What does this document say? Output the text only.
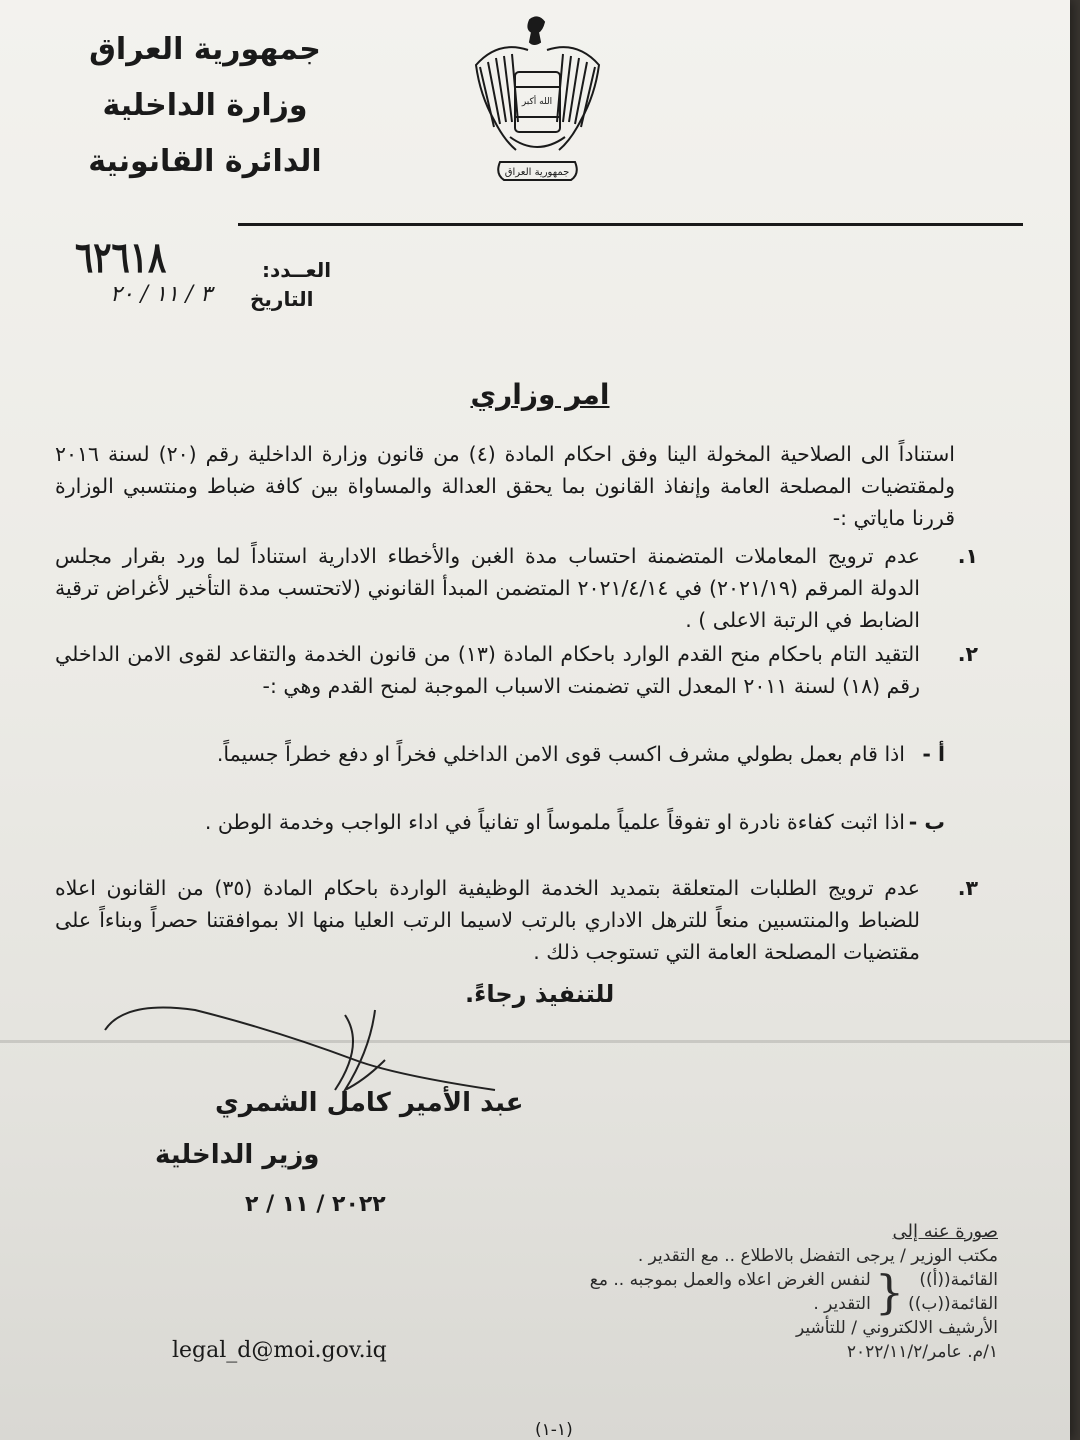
جمهورية العراق
وزارة الداخلية
الدائرة القانونية
الله أكبر
جمهورية العراق
العــدد:
٦٢٦١٨
التاريخ
٣ / ١١ / ٢٠
امر وزاري
استناداً الى الصلاحية المخولة الينا وفق احكام المادة (٤) من قانون وزارة الداخلية رقم (٢٠) لسنة ٢٠١٦ ولمقتضيات المصلحة العامة وإنفاذ القانون بما يحقق العدالة والمساواة بين كافة ضباط ومنتسبي الوزارة قررنا ماياتي :-
١.
عدم ترويج المعاملات المتضمنة احتساب مدة الغبن والأخطاء الادارية استناداً لما ورد بقرار مجلس الدولة المرقم (٢٠٢١/١٩) في ٢٠٢١/٤/١٤ المتضمن المبدأ القانوني (لاتحتسب مدة التأخير لأغراض ترقية الضابط في الرتبة الاعلى ) .
٢.
التقيد التام باحكام منح القدم الوارد باحكام المادة (١٣) من قانون الخدمة والتقاعد لقوى الامن الداخلي رقم (١٨) لسنة ٢٠١١ المعدل التي تضمنت الاسباب الموجبة لمنح القدم وهي :-
أ -
اذا قام بعمل بطولي مشرف اكسب قوى الامن الداخلي فخراً او دفع خطراً جسيماً.
ب -
اذا اثبت كفاءة نادرة او تفوقاً علمياً ملموساً او تفانياً في اداء الواجب وخدمة الوطن .
٣.
عدم ترويج الطلبات المتعلقة بتمديد الخدمة الوظيفية الواردة باحكام المادة (٣٥) من القانون اعلاه للضباط والمنتسبين منعاً للترهل الاداري بالرتب لاسيما الرتب العليا منها الا بموافقتنا حصراً وبناءاً على مقتضيات المصلحة العامة التي تستوجب ذلك .
للتنفيذ رجاءً.
legal_d@moi.gov.iq
عبد الأمير كامل الشمري
وزير الداخلية
٢٠٢٢ / ١١ / ٢
صورة عنه إلى
مكتب الوزير / يرجى التفضل بالاطلاع .. مع التقدير .
القائمة((أ))
القائمة((ب))
{
لنفس الغرض اعلاه والعمل بموجبه .. مع التقدير .
الأرشيف الالكتروني / للتأشير
١/م. عامر/٢٠٢٢/١١/٢
(١-١)
